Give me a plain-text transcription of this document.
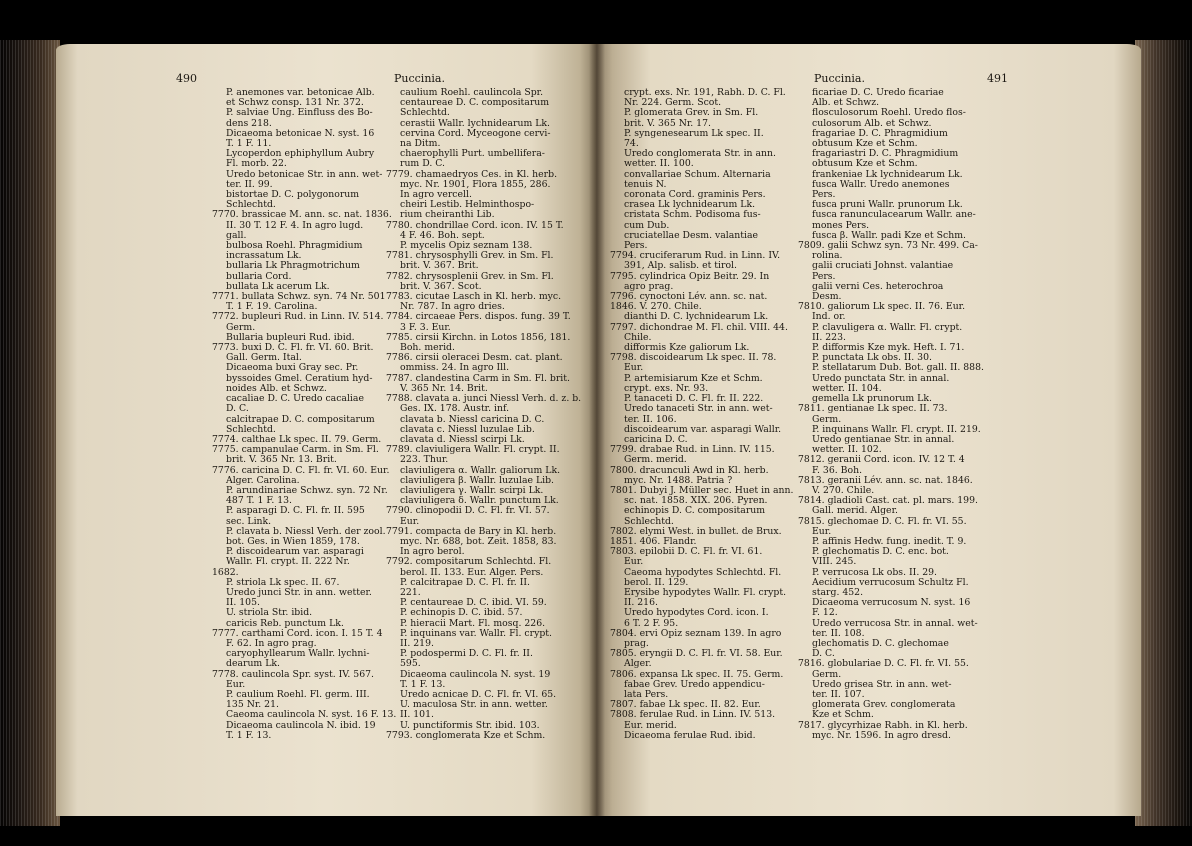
490	Puccinia.
P. anemones var. betonicae Alb.
et Schwz consp. 131 Nr. 372.
P. salviae Ung. Einfluss des Bo-
dens 218.
Dicaeoma betonicae N. syst. 16
T. 1 F. 11.
Lycoperdon ephiphyllum Aubry
Fl. morb. 22.
Uredo betonicae Str. in ann. wet-
ter. II. 99.
bistortae D. C. polygonorum
Schlechtd.
7770. brassicae M. ann. sc. nat. 1836.
II. 30 T. 12 F. 4. In agro lugd.
gall.
bulbosa Roehl. Phragmidium
incrassatum Lk.
bullaria Lk Phragmotrichum
bullaria Cord.
bullata Lk acerum Lk.
7771. bullata Schwz. syn. 74 Nr. 501
T. 1 F. 19. Carolina.
7772. bupleuri Rud. in Linn. IV. 514.
Germ.
Bullaria bupleuri Rud. ibid.
7773. buxi D. C. Fl. fr. VI. 60. Brit.
Gall. Germ. Ital.
Dicaeoma buxi Gray sec. Pr.
byssoides Gmel. Ceratium hyd-
noides Alb. et Schwz.
cacaliae D. C. Uredo cacaliae
D. C.
calcitrapae D. C. compositarum
Schlechtd.
7774. calthae Lk spec. II. 79. Germ.
7775. campanulae Carm. in Sm. Fl.
brit. V. 365 Nr. 13. Brit.
7776. caricina D. C. Fl. fr. VI. 60. Eur.
Alger. Carolina.
P. arundinariae Schwz. syn. 72 Nr.
487 T. 1 F. 13.
P. asparagi D. C. Fl. fr. II. 595
sec. Link.
P. clavata b. Niessl Verh. der zool.
bot. Ges. in Wien 1859, 178.
P. discoidearum var. asparagi
Wallr. Fl. crypt. II. 222 Nr.
1682.
P. striola Lk spec. II. 67.
Uredo junci Str. in ann. wetter.
II. 105.
U. striola Str. ibid.
caricis Reb. punctum Lk.
7777. carthami Cord. icon. I. 15 T. 4
F. 62. In agro prag.
caryophyllearum Wallr. lychni-
dearum Lk.
7778. caulincola Spr. syst. IV. 567.
Eur.
P. caulium Roehl. Fl. germ. III.
135 Nr. 21.
Caeoma caulincola N. syst. 16 F. 13.
Dicaeoma caulincola N. ibid. 19
T. 1 F. 13.
caulium Roehl. caulincola Spr.
centaureae D. C. compositarum
Schlechtd.
cerastii Wallr. lychnidearum Lk.
cervina Cord. Myceogone cervi-
na Ditm.
chaerophylli Purt. umbellifera-
rum D. C.
7779. chamaedryos Ces. in Kl. herb.
myc. Nr. 1901, Flora 1855, 286.
In agro vercell.
cheiri Lestib. Helminthospo-
rium cheiranthi Lib.
7780. chondrillae Cord. icon. IV. 15 T.
4 F. 46. Boh. sept.
P. mycelis Opiz seznam 138.
7781. chrysosphylli Grev. in Sm. Fl.
brit. V. 367. Brit.
7782. chrysosplenii Grev. in Sm. Fl.
brit. V. 367. Scot.
7783. cicutae Lasch in Kl. herb. myc.
Nr. 787. In agro dries.
7784. circaeae Pers. dispos. fung. 39 T.
3 F. 3. Eur.
7785. cirsii Kirchn. in Lotos 1856, 181.
Boh. merid.
7786. cirsii oleracei Desm. cat. plant.
ommiss. 24. In agro Ill.
7787. clandestina Carm in Sm. Fl. brit.
V. 365 Nr. 14. Brit.
7788. clavata a. junci Niessl Verh. d. z. b.
Ges. IX. 178. Austr. inf.
clavata b. Niessl caricina D. C.
clavata c. Niessl luzulae Lib.
clavata d. Niessl scirpi Lk.
7789. claviuligera Wallr. Fl. crypt. II.
223. Thur.
claviuligera α. Wallr. galiorum Lk.
claviuligera β. Wallr. luzulae Lib.
claviuligera γ. Wallr. scirpi Lk.
claviuligera δ. Wallr. punctum Lk.
7790. clinopodii D. C. Fl. fr. VI. 57.
Eur.
7791. compacta de Bary in Kl. herb.
myc. Nr. 688, bot. Zeit. 1858, 83.
In agro berol.
7792. compositarum Schlechtd. Fl.
berol. II. 133. Eur. Alger. Pers.
P. calcitrapae D. C. Fl. fr. II.
221.
P. centaureae D. C. ibid. VI. 59.
P. echinopis D. C. ibid. 57.
P. hieracii Mart. Fl. mosq. 226.
P. inquinans var. Wallr. Fl. crypt.
II. 219.
P. podospermi D. C. Fl. fr. II.
595.
Dicaeoma caulincola N. syst. 19
T. 1 F. 13.
Uredo acnicae D. C. Fl. fr. VI. 65.
U. maculosa Str. in ann. wetter.
II. 101.
U. punctiformis Str. ibid. 103.
7793. conglomerata Kze et Schm.
Puccinia.	491
crypt. exs. Nr. 191, Rabh. D. C. Fl.
Nr. 224. Germ. Scot.
P. glomerata Grev. in Sm. Fl.
brit. V. 365 Nr. 17.
P. syngenesearum Lk spec. II.
74.
Uredo conglomerata Str. in ann.
wetter. II. 100.
convallariae Schum. Alternaria
tenuis N.
coronata Cord. graminis Pers.
crasea Lk lychnidearum Lk.
cristata Schm. Podisoma fus-
cum Dub.
cruciatellae Desm. valantiae
Pers.
7794. cruciferarum Rud. in Linn. IV.
391, Alp. salisb. et tirol.
7795. cylindrica Opiz Beitr. 29. In
agro prag.
7796. cynoctoni Lév. ann. sc. nat.
1846. V. 270. Chile.
dianthi D. C. lychnidearum Lk.
7797. dichondrae M. Fl. chil. VIII. 44.
Chile.
difformis Kze galiorum Lk.
7798. discoidearum Lk spec. II. 78.
Eur.
P. artemisiarum Kze et Schm.
crypt. exs. Nr. 93.
P. tanaceti D. C. Fl. fr. II. 222.
Uredo tanaceti Str. in ann. wet-
ter. II. 106.
discoidearum var. asparagi Wallr.
caricina D. C.
7799. drabae Rud. in Linn. IV. 115.
Germ. merid.
7800. dracunculi Awd in Kl. herb.
myc. Nr. 1488. Patria ?
7801. Dubyi J. Müller sec. Huet in ann.
sc. nat. 1858. XIX. 206. Pyren.
echinopis D. C. compositarum
Schlechtd.
7802. elymi West. in bullet. de Brux.
1851. 406. Flandr.
7803. epilobii D. C. Fl. fr. VI. 61.
Eur.
Caeoma hypodytes Schlechtd. Fl.
berol. II. 129.
Erysibe hypodytes Wallr. Fl. crypt.
II. 216.
Uredo hypodytes Cord. icon. I.
6 T. 2 F. 95.
7804. ervi Opiz seznam 139. In agro
prag.
7805. eryngii D. C. Fl. fr. VI. 58. Eur.
Alger.
7806. expansa Lk spec. II. 75. Germ.
fabae Grev. Uredo appendicu-
lata Pers.
7807. fabae Lk spec. II. 82. Eur.
7808. ferulae Rud. in Linn. IV. 513.
Eur. merid.
Dicaeoma ferulae Rud. ibid.
ficariae D. C. Uredo ficariae
Alb. et Schwz.
flosculosorum Roehl. Uredo flos-
culosorum Alb. et Schwz.
fragariae D. C. Phragmidium
obtusum Kze et Schm.
fragariastri D. C. Phragmidium
obtusum Kze et Schm.
frankeniae Lk lychnidearum Lk.
fusca Wallr. Uredo anemones
Pers.
fusca pruni Wallr. prunorum Lk.
fusca ranunculacearum Wallr. ane-
mones Pers.
fusca β. Wallr. padi Kze et Schm.
7809. galii Schwz syn. 73 Nr. 499. Ca-
rolina.
galii cruciati Johnst. valantiae
Pers.
galii verni Ces. heterochroa
Desm.
7810. galiorum Lk spec. II. 76. Eur.
Ind. or.
P. clavuligera α. Wallr. Fl. crypt.
II. 223.
P. difformis Kze myk. Heft. I. 71.
P. punctata Lk obs. II. 30.
P. stellatarum Dub. Bot. gall. II. 888.
Uredo punctata Str. in annal.
wetter. II. 104.
gemella Lk prunorum Lk.
7811. gentianae Lk spec. II. 73.
Germ.
P. inquinans Wallr. Fl. crypt. II. 219.
Uredo gentianae Str. in annal.
wetter. II. 102.
7812. geranii Cord. icon. IV. 12 T. 4
F. 36. Boh.
7813. geranii Lév. ann. sc. nat. 1846.
V. 270. Chile.
7814. gladioli Cast. cat. pl. mars. 199.
Gall. merid. Alger.
7815. glechomae D. C. Fl. fr. VI. 55.
Eur.
P. affinis Hedw. fung. inedit. T. 9.
P. glechomatis D. C. enc. bot.
VIII. 245.
P. verrucosa Lk obs. II. 29.
Aecidium verrucosum Schultz Fl.
starg. 452.
Dicaeoma verrucosum N. syst. 16
F. 12.
Uredo verrucosa Str. in annal. wet-
ter. II. 108.
glechomatis D. C. glechomae
D. C.
7816. globulariae D. C. Fl. fr. VI. 55.
Germ.
Uredo grisea Str. in ann. wet-
ter. II. 107.
glomerata Grev. conglomerata
Kze et Schm.
7817. glycyrhizae Rabh. in Kl. herb.
myc. Nr. 1596. In agro dresd.
